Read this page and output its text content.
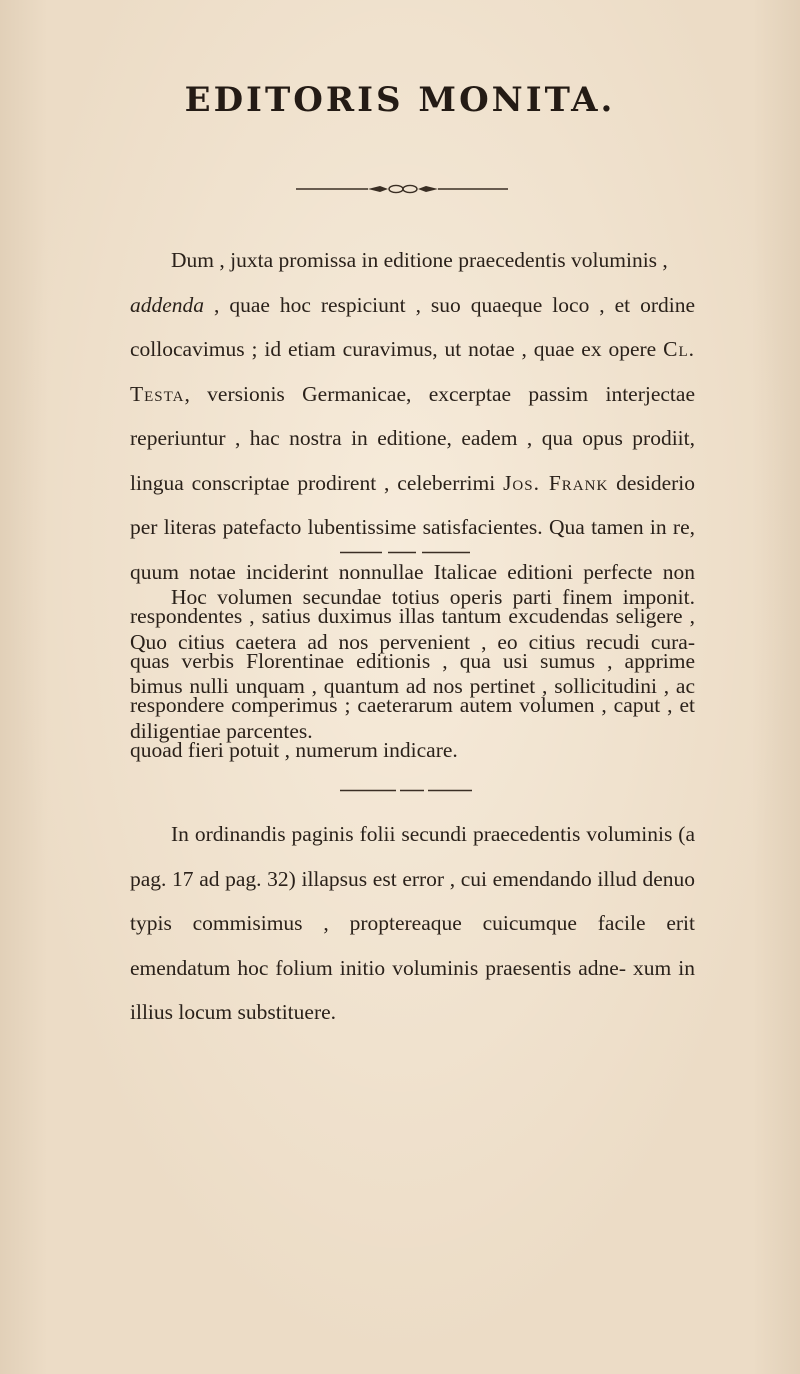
EDITORIS MONITA.

Dum , juxta promissa in editione praecedentis voluminis ,
addenda , quae hoc respiciunt , suo quaeque loco , et ordine collocavimus ; id etiam curavimus, ut notae , quae ex opere Cl. Testa, versionis Germanicae, excerptae passim interjectae reperiuntur , hac nostra in editione, eadem , qua opus prodiit, lingua conscriptae prodirent , celeberrimi Jos. Frank desiderio per literas patefacto lubentissime satisfacientes. Qua tamen in re, quum notae inciderint nonnullae Italicae editioni perfecte non respondentes , satius duximus illas tantum excudendas seligere , quas verbis Florentinae editionis , qua usi sumus , apprime respondere comperimus ; caeterarum autem volumen , caput , et quoad fieri potuit , numerum indicare.

Hoc volumen secundae totius operis parti finem imponit. Quo citius caetera ad nos pervenient , eo citius recudi cura- bimus nulli unquam , quantum ad nos pertinet , sollicitudini , ac diligentiae parcentes.

In ordinandis paginis folii secundi praecedentis voluminis (a pag. 17 ad pag. 32) illapsus est error , cui emendando illud denuo typis commisimus , proptereaque cuicumque facile erit emendatum hoc folium initio voluminis praesentis adne- xum in illius locum substituere.
